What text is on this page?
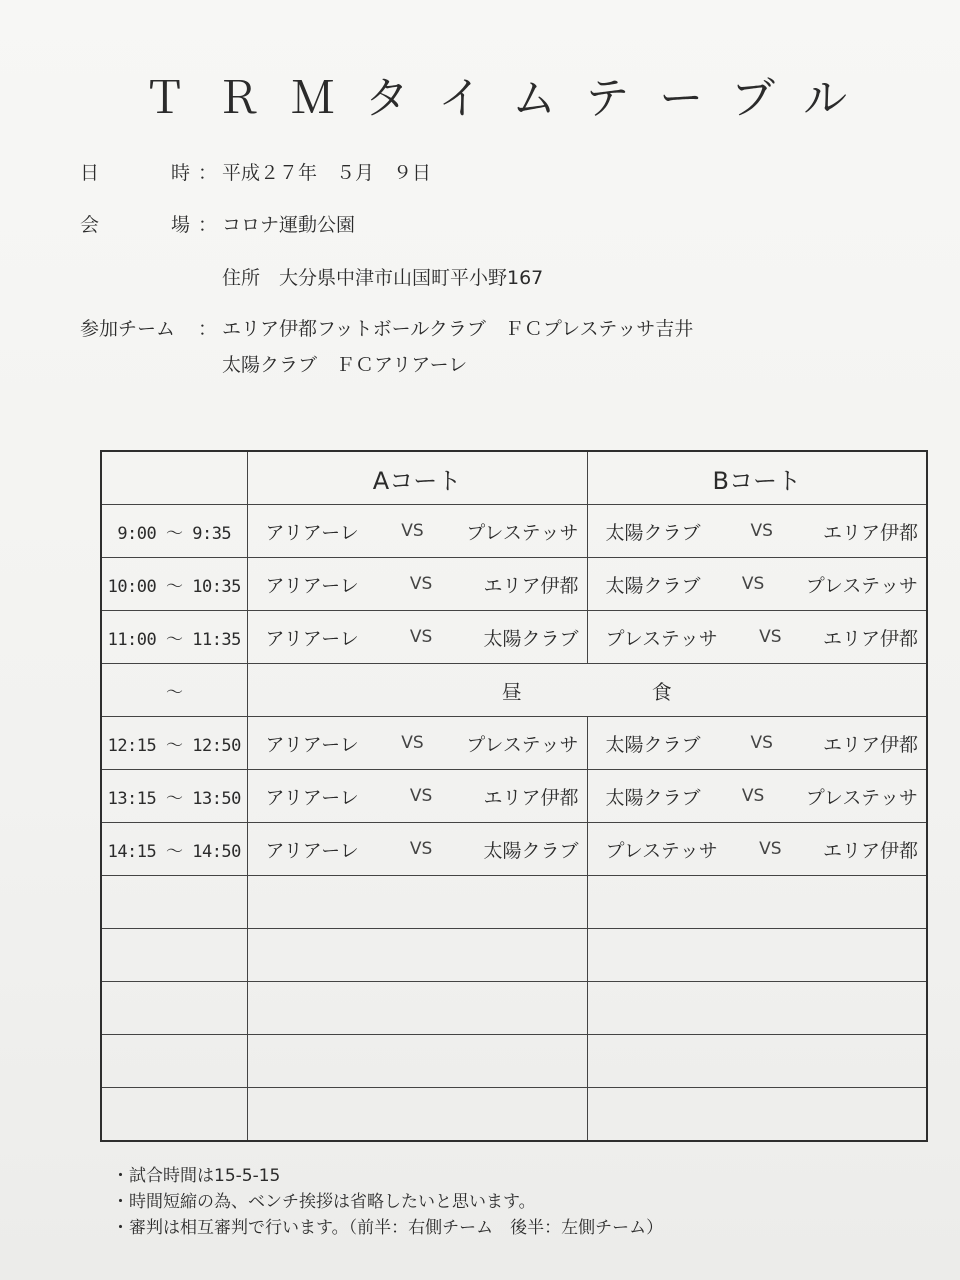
ＴＲＭタイムテーブル
日	時 ： 平成２７年　５月　９日
会	場 ： コロナ運動公園
住所　大分県中津市山国町平小野167
参加チーム ： エリア伊都フットボールクラブ　ＦＣプレステッサ吉井
太陽クラブ　ＦＣアリアーレ
	Aコート	Bコート
9:00 ～ 9:35	アリアーレ VS プレステッサ	太陽クラブ VS エリア伊都

10:00 ～ 10:35	アリアーレ VS エリア伊都	太陽クラブ VS プレステッサ

11:00 ～ 11:35	アリアーレ VS 太陽クラブ	プレステッサ VS エリア伊都

～	昼 食	
12:15 ～ 12:50	アリアーレ VS プレステッサ	太陽クラブ VS エリア伊都

13:15 ～ 13:50	アリアーレ VS エリア伊都	太陽クラブ VS プレステッサ

14:15 ～ 14:50	アリアーレ VS 太陽クラブ	プレステッサ VS エリア伊都

・試合時間は15-5-15
・時間短縮の為、ベンチ挨拶は省略したいと思います。
・審判は相互審判で行います。（前半：右側チーム　後半：左側チーム）
